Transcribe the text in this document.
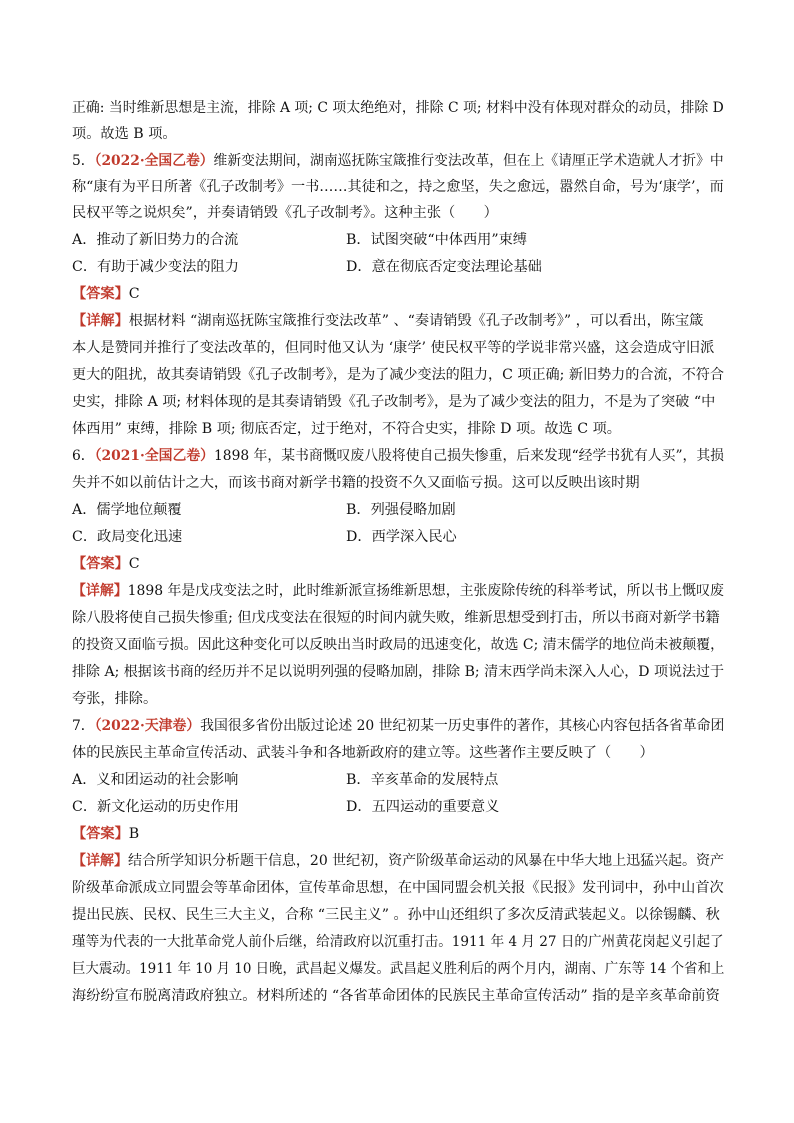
正确: 当时维新思想是主流，排除 A 项; C 项太绝绝对，排除 C 项; 材料中没有体现对群众的动员，排除 D
项。故选 B 项。
5．（2022·全国乙卷）维新变法期间，湖南巡抚陈宝箴推行变法改革，但在上《请厘正学术造就人才折》中
称“康有为平日所著《孔子改制考》一书……其徒和之，持之愈坚，失之愈远，嚣然自命，号为‘康学’，而
民权平等之说炽矣”，并奏请销毁《孔子改制考》。这种主张（　　）
A．推动了新旧势力的合流	B．试图突破“中体西用”束缚
C．有助于减少变法的阻力	D．意在彻底否定变法理论基础
【答案】C
【详解】根据材料 “湖南巡抚陈宝箴推行变法改革” 、“奏请销毁《孔子改制考》” ，可以看出，陈宝箴
本人是赞同并推行了变法改革的，但同时他又认为 ‘康学’ 使民权平等的学说非常兴盛，这会造成守旧派
更大的阻扰，故其奏请销毁《孔子改制考》，是为了减少变法的阻力，C 项正确; 新旧势力的合流，不符合
史实，排除 A 项; 材料体现的是其奏请销毁《孔子改制考》，是为了减少变法的阻力，不是为了突破 “中
体西用” 束缚，排除 B 项; 彻底否定，过于绝对，不符合史实，排除 D 项。故选 C 项。
6．（2021·全国乙卷）1898 年，某书商慨叹废八股将使自己损失惨重，后来发现“经学书犹有人买”，其损
失并不如以前估计之大，而该书商对新学书籍的投资不久又面临亏损。这可以反映出该时期
A．儒学地位颠覆	B．列强侵略加剧
C．政局变化迅速	D．西学深入民心
【答案】C
【详解】1898 年是戊戌变法之时，此时维新派宣扬维新思想，主张废除传统的科举考试，所以书上慨叹废
除八股将使自己损失惨重; 但戊戌变法在很短的时间内就失败，维新思想受到打击，所以书商对新学书籍
的投资又面临亏损。因此这种变化可以反映出当时政局的迅速变化，故选 C; 清末儒学的地位尚未被颠覆，
排除 A; 根据该书商的经历并不足以说明列强的侵略加剧，排除 B; 清末西学尚未深入人心，D 项说法过于
夸张，排除。
7．（2022·天津卷）我国很多省份出版过论述 20 世纪初某一历史事件的著作，其核心内容包括各省革命团
体的民族民主革命宣传活动、武装斗争和各地新政府的建立等。这些著作主要反映了（　　）
A．义和团运动的社会影响	B．辛亥革命的发展特点
C．新文化运动的历史作用	D．五四运动的重要意义
【答案】B
【详解】结合所学知识分析题干信息，20 世纪初，资产阶级革命运动的风暴在中华大地上迅猛兴起。资产
阶级革命派成立同盟会等革命团体，宣传革命思想，在中国同盟会机关报《民报》发刊词中，孙中山首次
提出民族、民权、民生三大主义，合称 “三民主义” 。孙中山还组织了多次反清武装起义。以徐锡麟、秋
瑾等为代表的一大批革命党人前仆后继，给清政府以沉重打击。1911 年 4 月 27 日的广州黄花岗起义引起了
巨大震动。1911 年 10 月 10 日晚，武昌起义爆发。武昌起义胜利后的两个月内，湖南、广东等 14 个省和上
海纷纷宣布脱离清政府独立。材料所述的 “各省革命团体的民族民主革命宣传活动” 指的是辛亥革命前资
